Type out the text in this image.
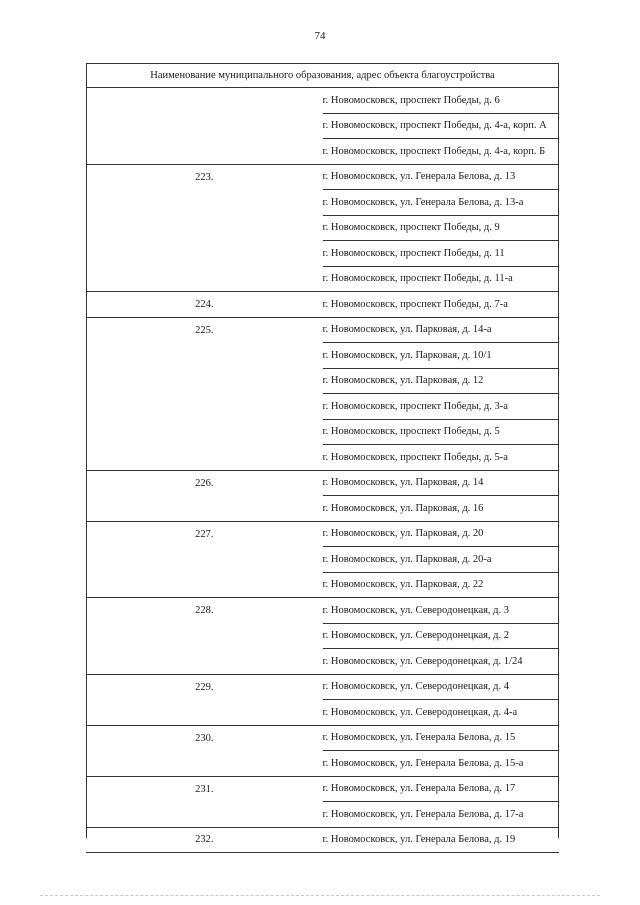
74
Наименование муниципального образования, адрес объекта благоустройства	
	г. Новомосковск, проспект Победы, д. 6
	г. Новомосковск, проспект Победы, д. 4-а, корп. А
	г. Новомосковск, проспект Победы, д. 4-а, корп. Б
223.	г. Новомосковск, ул. Генерала Белова, д. 13
	г. Новомосковск, ул. Генерала Белова, д. 13-а
	г. Новомосковск, проспект Победы, д. 9
	г. Новомосковск, проспект Победы, д. 11
	г. Новомосковск, проспект Победы, д. 11-а
224.	г. Новомосковск, проспект Победы, д. 7-а
225.	г. Новомосковск, ул. Парковая, д. 14-а
	г. Новомосковск, ул. Парковая, д. 10/1
	г. Новомосковск, ул. Парковая, д. 12
	г. Новомосковск, проспект Победы, д. 3-а
	г. Новомосковск, проспект Победы, д. 5
	г. Новомосковск, проспект Победы, д. 5-а
226.	г. Новомосковск, ул. Парковая, д. 14
	г. Новомосковск, ул. Парковая, д. 16
227.	г. Новомосковск, ул. Парковая, д. 20
	г. Новомосковск, ул. Парковая, д. 20-а
	г. Новомосковск, ул. Парковая, д. 22
228.	г. Новомосковск, ул. Северодонецкая, д. 3
	г. Новомосковск, ул. Северодонецкая, д. 2
	г. Новомосковск, ул. Северодонецкая, д. 1/24
229.	г. Новомосковск, ул. Северодонецкая, д. 4
	г. Новомосковск, ул. Северодонецкая, д. 4-а
230.	г. Новомосковск, ул. Генерала Белова, д. 15
	г. Новомосковск, ул. Генерала Белова, д. 15-а
231.	г. Новомосковск, ул. Генерала Белова, д. 17
	г. Новомосковск, ул. Генерала Белова, д. 17-а
232.	г. Новомосковск, ул. Генерала Белова, д. 19
